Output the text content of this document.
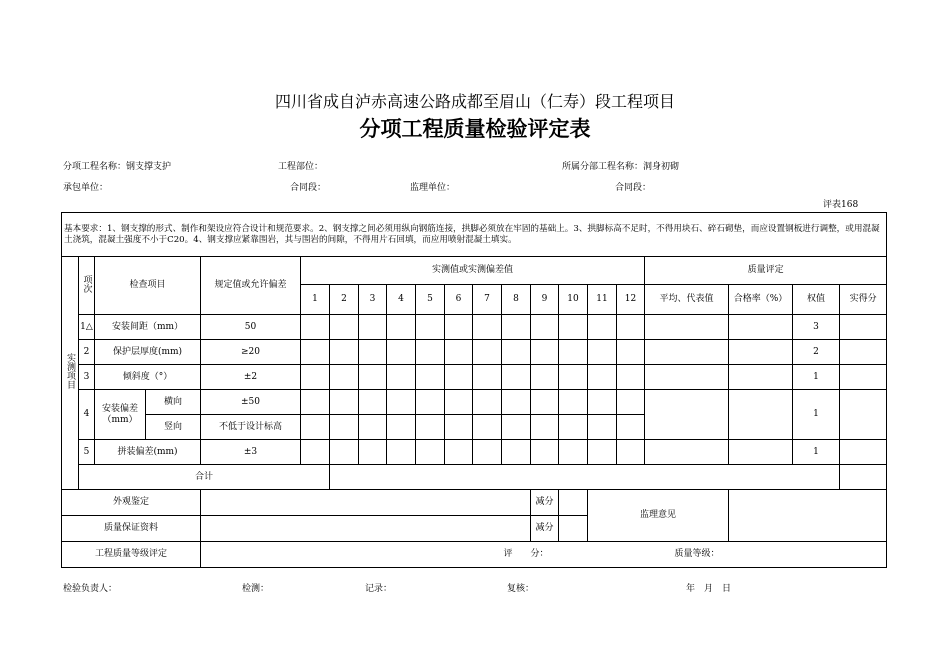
四川省成自泸赤高速公路成都至眉山（仁寿）段工程项目
分项工程质量检验评定表
分项工程名称：钢支撑支护	工程部位：	所属分部工程名称：洞身初砌
承包单位：	合同段：	监理单位：	合同段：
评表168
基本要求：1、钢支撑的形式、制作和架设应符合设计和规范要求。2、钢支撑之间必须用纵向钢筋连接，拱脚必须放在牢固的基础上。3、拱脚标高不足时，不得用块石、碎石砌垫，而应设置钢板进行调整，或用混凝土浇筑，混凝土强度不小于C20。4、钢支撑应紧靠围岩，其与围岩的间隙，不得用片石回填，而应用喷射混凝土填实。																					
实测项目	项次	检查项目		规定值或允许偏差	实测值或实测偏差值												质量评定				
					1	2	3	4	5	6	7	8	9	10	11	12	平均、代表值	合格率（%）	权值	实得分	
	1△	安装间距（mm）		50															3		
	2	保护层厚度(mm)		≥20															2		
	3	倾斜度（°）		±2															1		
	4	安装偏差（mm）	横向	±50															1		
			竖向	不低于设计标高																	
	5	拼装偏差(mm)		±3															1		
	合计																				
外观鉴定													减分		监理意见						
质量保证资料													减分								
工程质量等级评定				评　　分：													质量等级：				
检验负责人：	检测：	记录：	复核：	年　月　日
